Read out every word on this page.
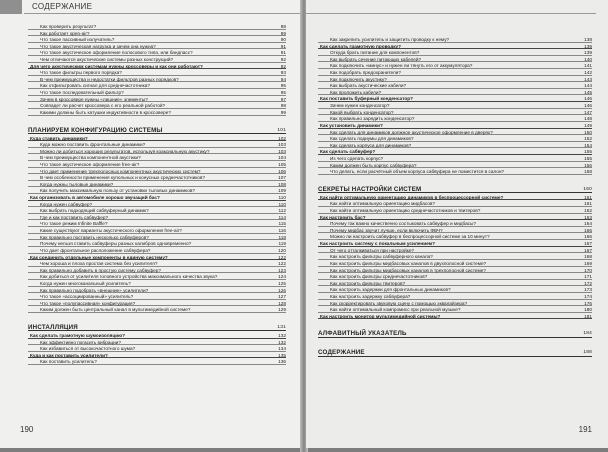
СОДЕРЖАНИЕ
Как проверить результат?	88
Как работает open-air?	89
Что такое пассивный излучатель?	90
Что такое акустическая нагрузка и зачем она нужна?	91
Что такое акустическое оформление полосового типа, или бандпасс?	91
Чем отличаются акустические системы разных конструкций?	92
Для чего акустическим системам нужны кроссоверы и как они работают?	92
Что такое фильтры первого порядка?	93
В чем преимущества и недостатки фильтров разных порядков?	94
Как отфильтровать сигнал для среднечастотника?	95
Что такое последовательный фильтр?	95
Зачем в кроссовере нужны «лишние» элементы?	97
Совпадет ли расчет кроссовера с его реальной работой?	98
Какими должны быть катушки индуктивности в кроссовере?	99
ПЛАНИРУЕМ КОНФИГУРАЦИЮ СИСТЕМЫ	101
Куда ставить динамики?	102
Куда можно поставить фронтальные динамики?	103
Можно ли добиться хороших результатов, используя коаксиальную акустику?	103
В чем преимущества компонентной акустики?	104
Что такое акустическое оформление free-air?	105
Что дает применение трехполосных компонентных акустических систем?	106
В чем особенности применения купольных и конусных среднечастотников?	107
Когда нужны тыловые динамики?	108
Как получить максимальную пользу от установки тыловых динамиков?	109
Как организовать в автомобиле хорошо звучащий бас?	110
Когда нужен сабвуфер?	110
Как выбрать подходящий сабвуферный динамик?	112
Где и как поставить сабвуфер?	114
Что такое режим Infinite Baffle?	115
Какие существуют варианты акустического оформления free-air?	116
Как правильно поставить несколько сабвуферов?	118
Почему нельзя ставить сабвуферы разных калибров одновременно?	119
Что дает фронтальное расположение сабвуфера?	120
Как соединить отдельные компоненты в единую систему?	122
Чем хороша и плоха простая система без усилителя?	122
Как правильно добавить в простую систему сабвуфер?	123
Как добиться от усилителя головного устройства максимального качества звука?	124
Когда нужен многоканальный усилитель?	125
Как правильно подобрать «внешние» усилители?	126
Что такое «ассоциированный» усилитель?	127
Что такое «полупассивная» конфигурация?	128
Каким должен быть центральный канал в мультимедийной системе?	129
ИНСТАЛЛЯЦИЯ	131
Как сделать грамотную шумоизоляцию?	132
Как эффективно погасить вибрации?	132
Как избавиться от высокочастотного шума?	134
Куда и как поставить усилители?	135
Как поставить усилитель?	136
190
Как закрепить усилитель и защитить проводку к нему?	138
Как сделать грамотную проводку?	139
Откуда брать питание для компонентов?	139
Как выбрать сечение питающих кабелей?	140
Как подключить «минус» и нужен ли тянуть его от аккумулятора?	141
Как подобрать предохранители?	142
Как подключить акустику?	143
Как выбрать акустические кабели?	144
Как проложить кабели?	145
Как поставить буферный конденсатор?	146
Зачем нужен конденсатор?	146
Какой выбрать конденсатор?	147
Как правильно зарядить конденсатор?	148
Как установить динамики?	149
Как сделать для динамиков должное акустическое оформление в дверях?	150
Как сделать подиумы для динамиков?	152
Как сделать корпуса для динамиков?	154
Как сделать сабвуфер?	155
Из чего сделать корпус?	155
Каким должен быть корпус сабвуфера?	156
Что делать, если расчётный объем корпуса сабвуфера не поместится в салон?	158
СЕКРЕТЫ НАСТРОЙКИ СИСТЕМ	160
Как найти оптимальную ориентацию динамиков в беспроцессорной системе?	161
Как найти оптимальную ориентацию мидбасов?	161
Как найти оптимальную ориентацию среднечастотников и твитеров?	162
Как настроить бас?	163
Почему так важно качественно состыковать сабвуфер и мидбасы?	164
Почему мидбас звучит лучше, если включить ФВЧ?	165
Можно ли настроить сабвуфер в беспроцессорной системе за 10 минут?	166
Как настроить систему с покальным усилением?	167
От чего отталкиваться при настройке?	167
Как настроить фильтры сабвуферного канала?	168
Как настроить фильтры мидбасовых каналов в двухполосной системе?	169
Как настроить фильтры мидбасовых каналов в трехполосной системе?	170
Как настроить фильтры среднечастотников?	171
Как настроить фильтры твитеров?	172
Как настроить задержки для фронтальных динамиков?	173
Как настроить задержку сабвуфера?	174
Как скорректировать звуковую сцену с помощью эквалайзера?	176
Как найти оптимальный компромисс при реальной музыке?	180
Как настроить монитор мультимедийной системы?	181
АЛФАВИТНЫЙ УКАЗАТЕЛЬ	184
СОДЕРЖАНИЕ	188
191
